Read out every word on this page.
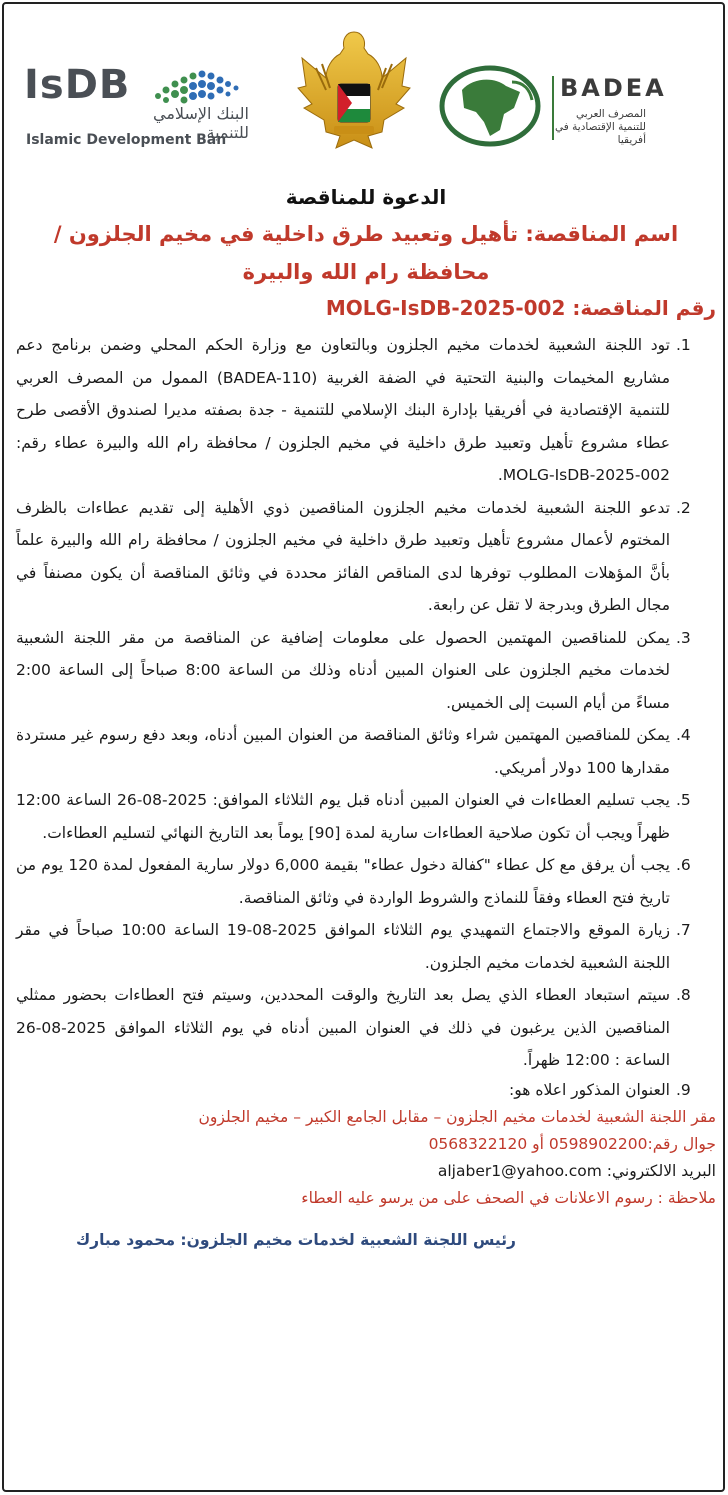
IsDB
البنك الإسلامي للتنمية
Islamic Development Ban
BADEA
المصرف العربي للتنمية الإقتصادية في أفريقيا
الدعوة للمناقصة
اسم المناقصة: تأهيل وتعبيد طرق داخلية في مخيم الجلزون /
محافظة رام الله والبيرة
رقم المناقصة: MOLG-IsDB-2025-002
.1
تود اللجنة الشعبية لخدمات مخيم الجلزون وبالتعاون مع وزارة الحكم المحلي وضمن برنامج دعم مشاريع المخيمات والبنية التحتية في الضفة الغربية (BADEA-110) الممول من المصرف العربي للتنمية الإقتصادية في أفريقيا بإدارة البنك الإسلامي للتنمية - جدة بصفته مديرا لصندوق الأقصى طرح عطاء مشروع تأهيل وتعبيد طرق داخلية في مخيم الجلزون / محافظة رام الله والبيرة عطاء رقم: MOLG-IsDB-2025-002.
.2
تدعو اللجنة الشعبية لخدمات مخيم الجلزون المناقصين ذوي الأهلية إلى تقديم عطاءات بالظرف المختوم لأعمال مشروع تأهيل وتعبيد طرق داخلية في مخيم الجلزون / محافظة رام الله والبيرة علماً بأنَّ المؤهلات المطلوب توفرها لدى المناقص الفائز محددة في وثائق المناقصة أن يكون مصنفاً في مجال الطرق وبدرجة لا تقل عن رابعة.
.3
يمكن للمناقصين المهتمين الحصول على معلومات إضافية عن المناقصة من مقر اللجنة الشعبية لخدمات مخيم الجلزون على العنوان المبين أدناه وذلك من الساعة 8:00 صباحاً إلى الساعة 2:00 مساءً من أيام السبت إلى الخميس.
.4
يمكن للمناقصين المهتمين شراء وثائق المناقصة من العنوان المبين أدناه، وبعد دفع رسوم غير مستردة مقدارها 100 دولار أمريكي.
.5
يجب تسليم العطاءات في العنوان المبين أدناه قبل يوم الثلاثاء الموافق: 2025-08-26 الساعة 12:00 ظهراً ويجب أن تكون صلاحية العطاءات سارية لمدة [90] يوماً بعد التاريخ النهائي لتسليم العطاءات.
.6
يجب أن يرفق مع كل عطاء "كفالة دخول عطاء" بقيمة 6,000 دولار سارية المفعول لمدة 120 يوم من تاريخ فتح العطاء وفقاً للنماذج والشروط الواردة في وثائق المناقصة.
.7
زيارة الموقع والاجتماع التمهيدي يوم الثلاثاء الموافق 2025-08-19 الساعة 10:00 صباحاً في مقر اللجنة الشعبية لخدمات مخيم الجلزون.
.8
سيتم استبعاد العطاء الذي يصل بعد التاريخ والوقت المحددين، وسيتم فتح العطاءات بحضور ممثلي المناقصين الذين يرغبون في ذلك في العنوان المبين أدناه في يوم الثلاثاء الموافق 2025-08-26 الساعة : 12:00 ظهراً.
.9
العنوان المذكور اعلاه هو:
مقر اللجنة الشعبية لخدمات مخيم الجلزون – مقابل الجامع الكبير – مخيم الجلزون
جوال رقم:0598902200 أو 0568322120
البريد الالكتروني: aljaber1@yahoo.com
ملاحظة : رسوم الاعلانات في الصحف على من يرسو عليه العطاء
رئيس اللجنة الشعبية لخدمات مخيم الجلزون: محمود مبارك
